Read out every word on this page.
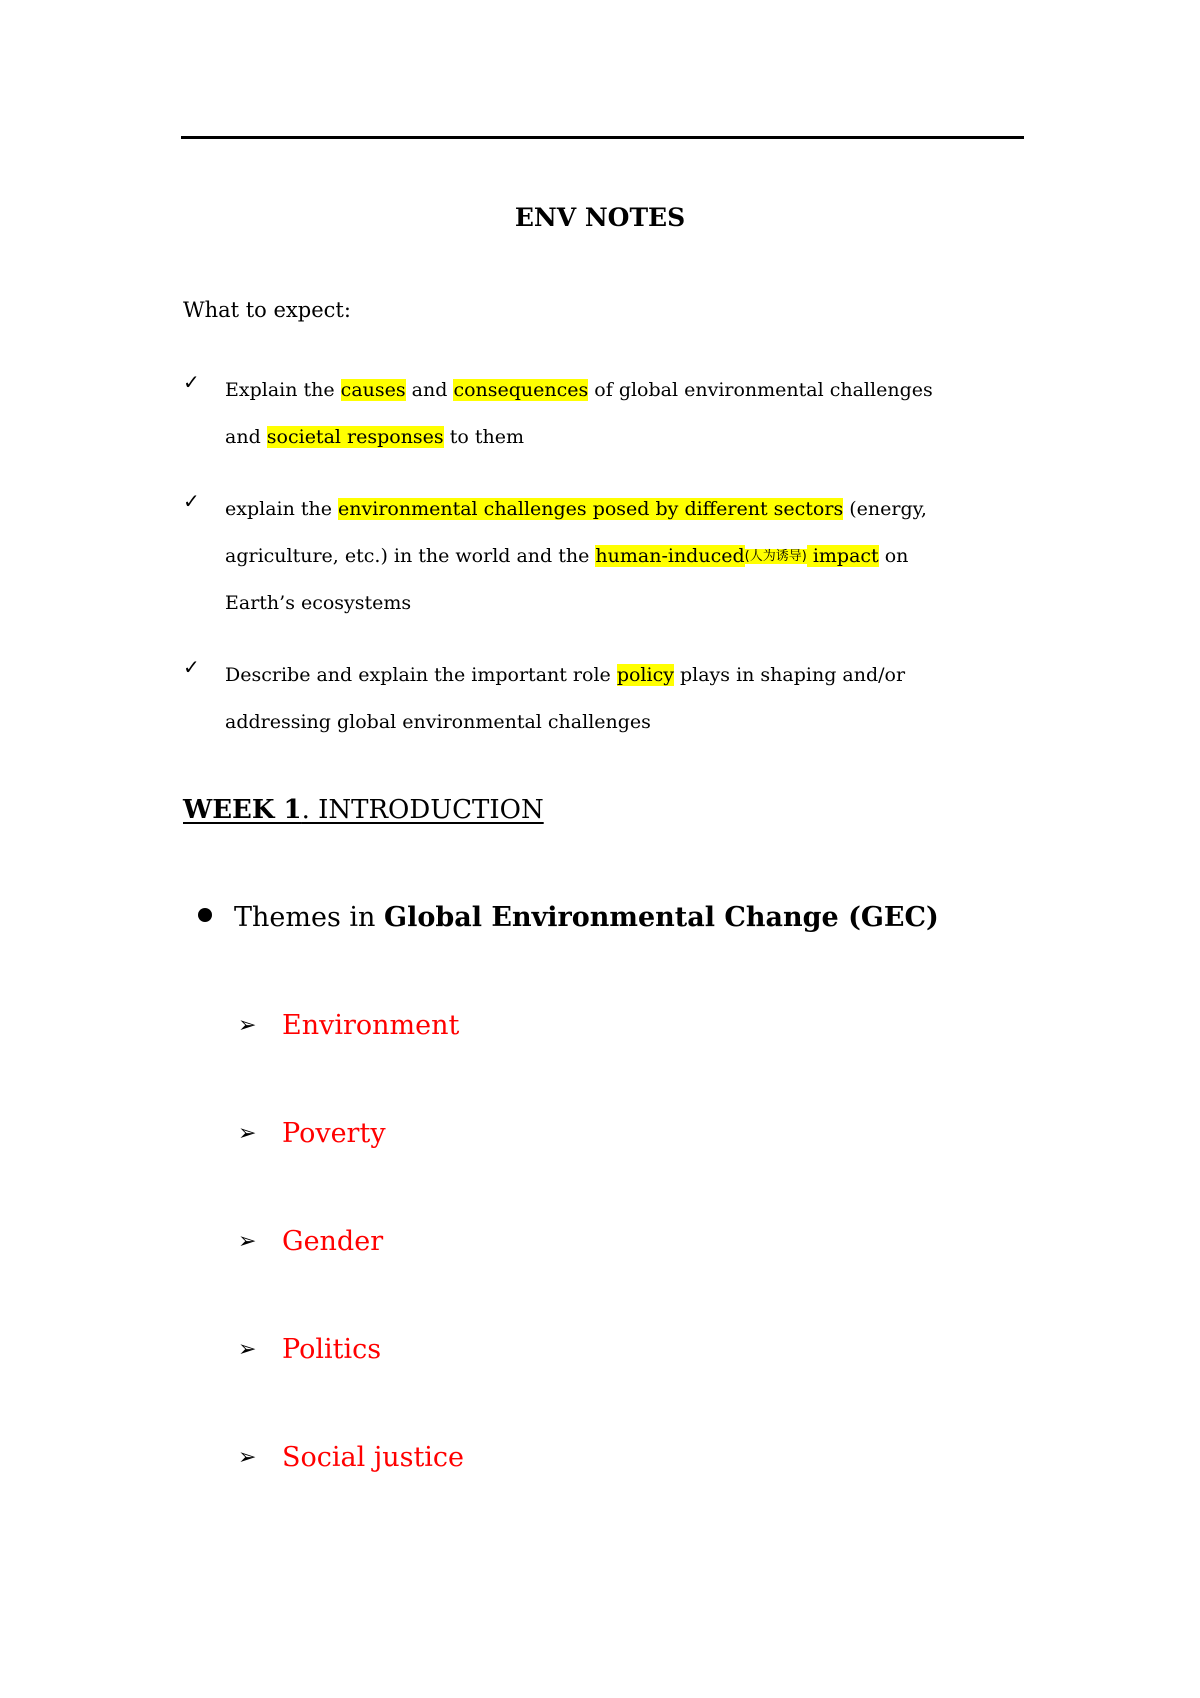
ENV NOTES
What to expect:
✓ Explain the causes and consequences of global environmental challenges
and societal responses to them
✓ explain the environmental challenges posed by different sectors (energy,
agriculture, etc.) in the world and the human-induced(人为诱导) impact on
Earth’s ecosystems
✓ Describe and explain the important role policy plays in shaping and/or
addressing global environmental challenges
WEEK 1. INTRODUCTION
Themes in Global Environmental Change (GEC)
➢ Environment
➢ Poverty
➢ Gender
➢ Politics
➢ Social justice
